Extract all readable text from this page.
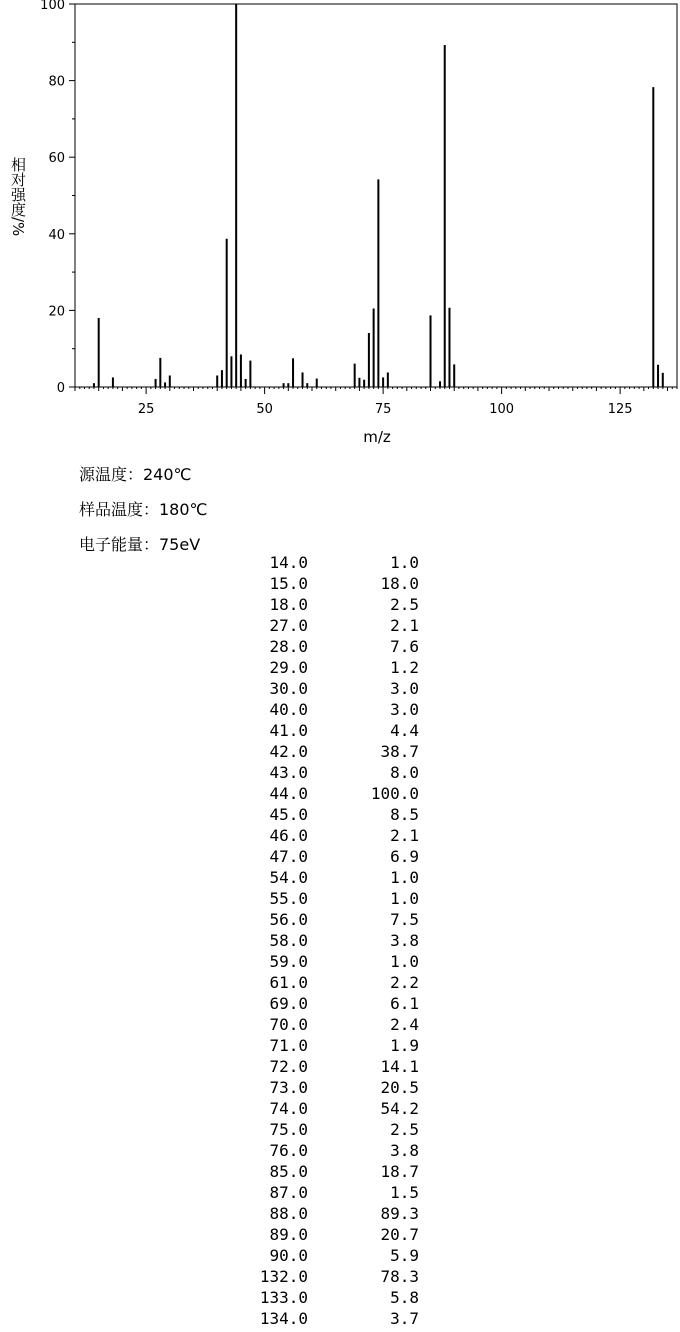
25	50	75	100	125
0
20
40
60
80
100
m/z
相对强度/%
源温度：240℃
样品温度：180℃
电子能量：75eV
14.0	1.0
15.0	18.0
18.0	2.5
27.0	2.1
28.0	7.6
29.0	1.2
30.0	3.0
40.0	3.0
41.0	4.4
42.0	38.7
43.0	8.0
44.0	100.0
45.0	8.5
46.0	2.1
47.0	6.9
54.0	1.0
55.0	1.0
56.0	7.5
58.0	3.8
59.0	1.0
61.0	2.2
69.0	6.1
70.0	2.4
71.0	1.9
72.0	14.1
73.0	20.5
74.0	54.2
75.0	2.5
76.0	3.8
85.0	18.7
87.0	1.5
88.0	89.3
89.0	20.7
90.0	5.9
132.0	78.3
133.0	5.8
134.0	3.7
